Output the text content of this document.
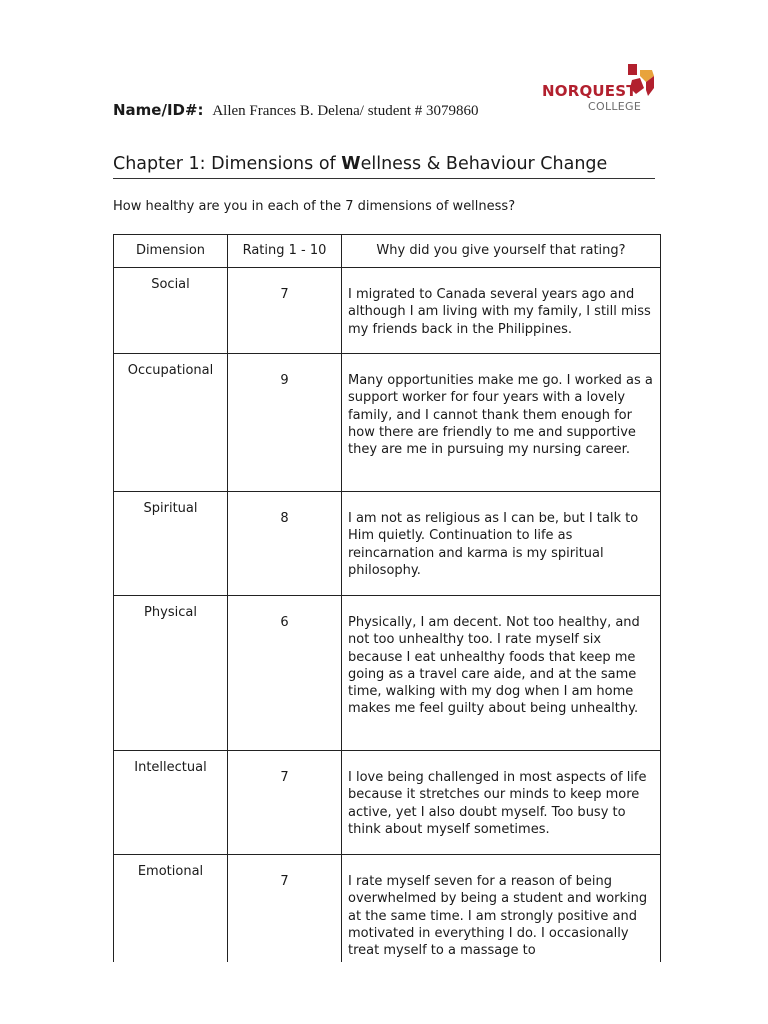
NORQUEST
COLLEGE
Name/ID#: Allen Frances B. Delena/ student # 3079860
Chapter 1: Dimensions of Wellness & Behaviour Change
How healthy are you in each of the 7 dimensions of wellness?
Dimension	Rating 1 - 10	Why did you give yourself that rating?
Social	7	I migrated to Canada several years ago and although I am living with my family, I still miss my friends back in the Philippines.
Occupational	9	Many opportunities make me go. I worked as a support worker for four years with a lovely family, and I cannot thank them enough for how there are friendly to me and supportive they are me in pursuing my nursing career.
Spiritual	8	I am not as religious as I can be, but I talk to Him quietly. Continuation to life as reincarnation and karma is my spiritual philosophy.
Physical	6	Physically, I am decent. Not too healthy, and not too unhealthy too. I rate myself six because I eat unhealthy foods that keep me going as a travel care aide, and at the same time, walking with my dog when I am home makes me feel guilty about being unhealthy.
Intellectual	7	I love being challenged in most aspects of life because it stretches our minds to keep more active, yet I also doubt myself. Too busy to think about myself sometimes.
Emotional	7	I rate myself seven for a reason of being overwhelmed by being a student and working at the same time. I am strongly positive and motivated in everything I do. I occasionally treat myself to a massage to
